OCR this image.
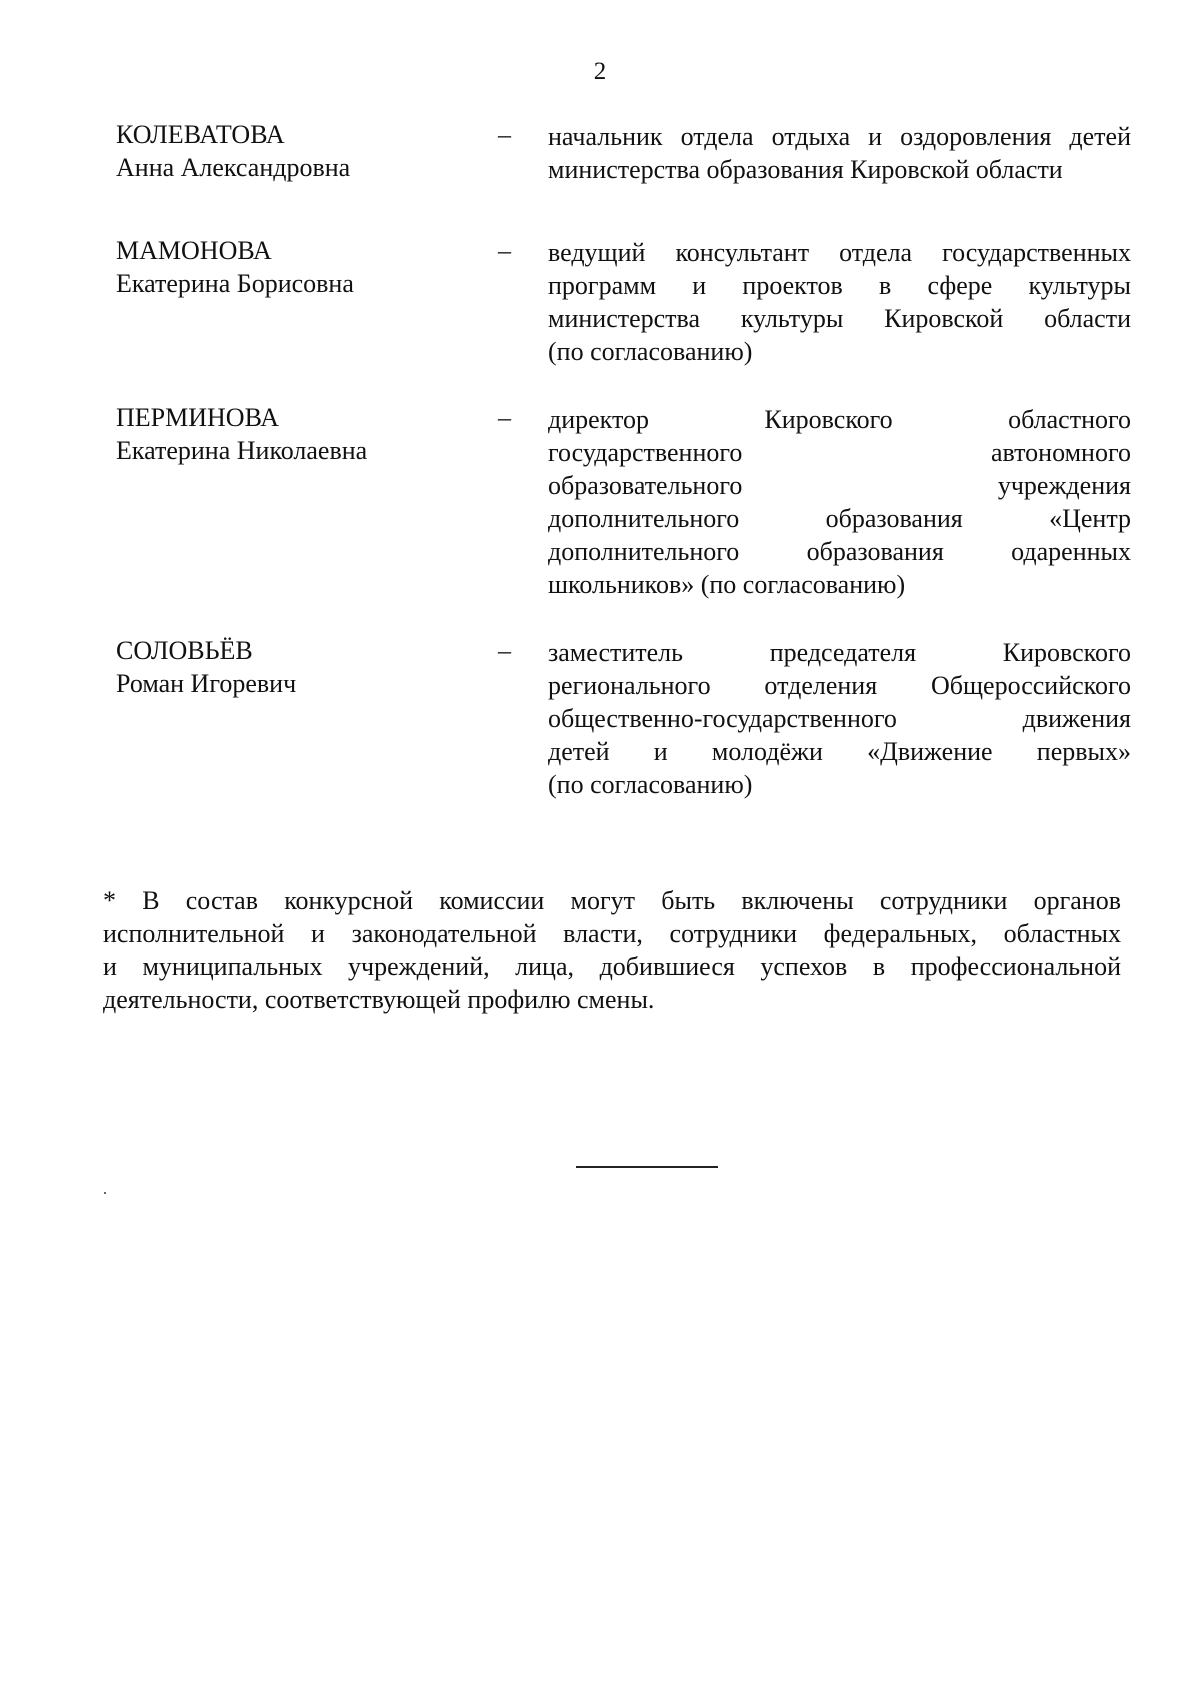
2
КОЛЕВАТОВА
Анна Александровна
– начальник отдела отдыха и оздоровления детей
министерства образования Кировской области
МАМОНОВА
Екатерина Борисовна
– ведущий консультант отдела государственных
программ и проектов в сфере культуры
министерства культуры Кировской области
(по согласованию)
ПЕРМИНОВА
Екатерина Николаевна
– директор Кировского областного
государственного автономного
образовательного учреждения
дополнительного образования «Центр
дополнительного образования одаренных
школьников» (по согласованию)
СОЛОВЬЁВ
Роман Игоревич
– заместитель председателя Кировского
регионального отделения Общероссийского
общественно-государственного движения
детей и молодёжи «Движение первых»
(по согласованию)
* В состав конкурсной комиссии могут быть включены сотрудники органов
исполнительной и законодательной власти, сотрудники федеральных, областных
и муниципальных учреждений, лица, добившиеся успехов в профессиональной
деятельности, соответствующей профилю смены.
